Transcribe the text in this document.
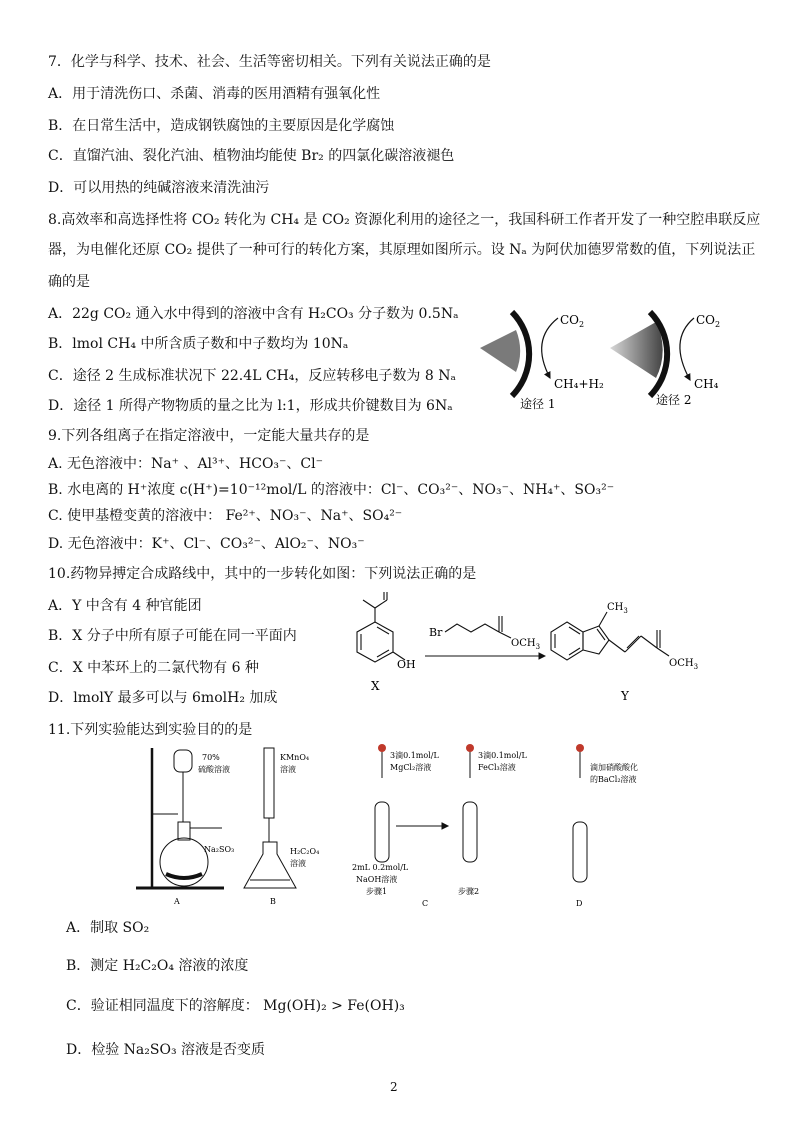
7．化学与科学、技术、社会、生活等密切相关。下列有关说法正确的是
A．用于清洗伤口、杀菌、消毒的医用酒精有强氧化性
B．在日常生活中，造成钢铁腐蚀的主要原因是化学腐蚀
C．直馏汽油、裂化汽油、植物油均能使 Br₂ 的四氯化碳溶液褪色
D．可以用热的纯碱溶液来清洗油污
8.高效率和高选择性将 CO₂ 转化为 CH₄ 是 CO₂ 资源化利用的途径之一，我国科研工作者开发了一种空腔串联反应
器，为电催化还原 CO₂ 提供了一种可行的转化方案，其原理如图所示。设 Nₐ 为阿伏加德罗常数的值，下列说法正
确的是
A．22g CO₂ 通入水中得到的溶液中含有 H₂CO₃ 分子数为 0.5Nₐ
B．lmol CH₄ 中所含质子数和中子数均为 10Nₐ
C．途径 2 生成标准状况下 22.4L CH₄，反应转移电子数为 8 Nₐ
D．途径 1 所得产物物质的量之比为 l:1，形成共价键数目为 6Nₐ
$CO_2$
CH₄+H₂
途径 1
$CO_2$
CH₄
途径 2
9.下列各组离子在指定溶液中，一定能大量共存的是
A. 无色溶液中：Na⁺ 、Al³⁺、HCO₃⁻、Cl⁻
B. 水电离的 H⁺浓度 c(H⁺)=10⁻¹²mol/L 的溶液中：Cl⁻、CO₃²⁻、NO₃⁻、NH₄⁺、SO₃²⁻
C. 使甲基橙变黄的溶液中： Fe²⁺、NO₃⁻、Na⁺、SO₄²⁻
D. 无色溶液中：K⁺、Cl⁻、CO₃²⁻、AlO₂⁻、NO₃⁻
10.药物异搏定合成路线中，其中的一步转化如图：下列说法正确的是
A．Y 中含有 4 种官能团
B．X 分子中所有原子可能在同一平面内
C．X 中苯环上的二氯代物有 6 种
D．lmolY 最多可以与 6molH₂ 加成
OH
X
Br
$OCH_3$
$CH_3$
$OCH_3$
Y
11.下列实验能达到实验目的的是
70%
硫酸溶液
Na₂SO₃
A
KMnO₄
溶液
H₂C₂O₄
溶液
B
3滴0.1mol/L
MgCl₂溶液
3滴0.1mol/L
FeCl₃溶液
2mL 0.2mol/L
NaOH溶液
步骤1	步骤2
C
滴加硝酸酸化
的BaCl₂溶液
D
A．制取 SO₂
B．测定 H₂C₂O₄ 溶液的浓度
C．验证相同温度下的溶解度： Mg(OH)₂ > Fe(OH)₃
D．检验 Na₂SO₃ 溶液是否变质
2
